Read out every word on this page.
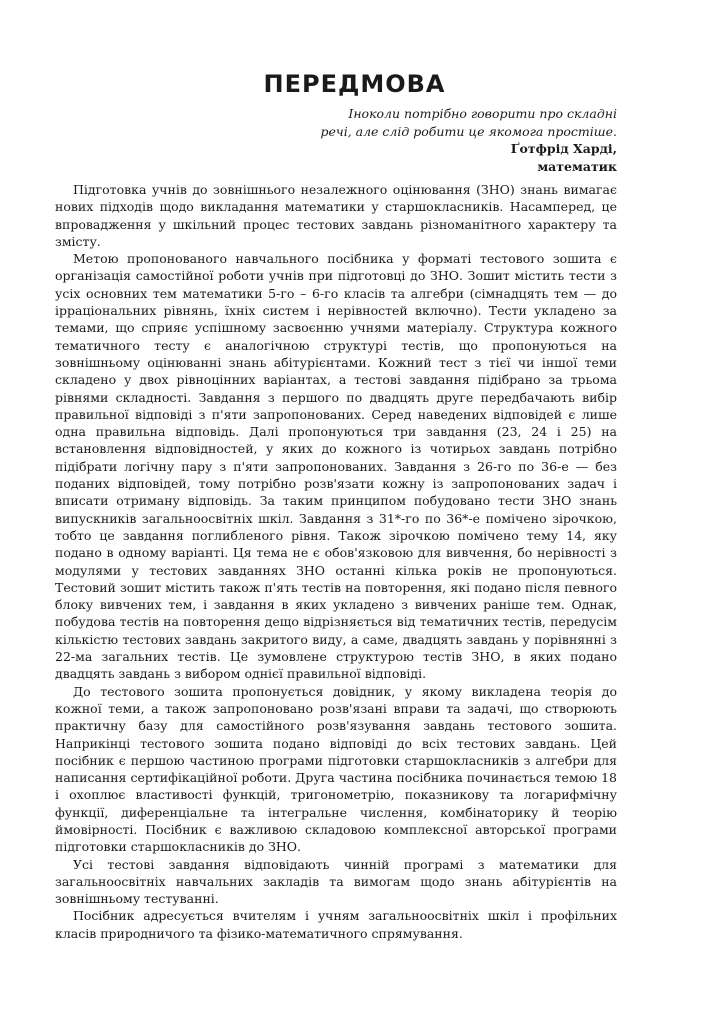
ПЕРЕДМОВА
Іноколи потрібно говорити про складні
речі, але слід робити це якомога простіше.
Ґотфрід Харді,
математик

Підготовка учнів до зовнішнього незалежного оцінювання (ЗНО) знань вимагає нових підходів щодо викладання математики у старшокласників. Насамперед, це впровадження у шкільний процес тестових завдань різноманітного характеру та змісту.

Метою пропонованого навчального посібника у форматі тестового зошита є організація самостійної роботи учнів при підготовці до ЗНО. Зошит містить тести з усіх основних тем математики 5-го – 6-го класів та алгебри (сімнадцять тем — до ірраціональних рівнянь, їхніх систем і нерівностей включно). Тести укладено за темами, що сприяє успішному засвоєнню учнями матеріалу. Структура кожного тематичного тесту є аналогічною структурі тестів, що пропонуються на зовнішньому оцінюванні знань абітурієнтами. Кожний тест з тієї чи іншої теми складено у двох рівноцінних варіантах, а тестові завдання підібрано за трьома рівнями складності. Завдання з першого по двадцять друге передбачають вибір правильної відповіді з п'яти запропонованих. Серед наведених відповідей є лише одна правильна відповідь. Далі пропонуються три завдання (23, 24 і 25) на встановлення відповідностей, у яких до кожного із чотирьох завдань потрібно підібрати логічну пару з п'яти запропонованих. Завдання з 26-го по 36-е — без поданих відповідей, тому потрібно розв'язати кожну із запропонованих задач і вписати отриману відповідь. За таким принципом побудовано тести ЗНО знань випускників загальноосвітніх шкіл. Завдання з 31*-го по 36*-е помічено зірочкою, тобто це завдання поглибленого рівня. Також зірочкою помічено тему 14, яку подано в одному варіанті. Ця тема не є обов'язковою для вивчення, бо нерівності з модулями у тестових завданнях ЗНО останні кілька років не пропонуються. Тестовий зошит містить також п'ять тестів на повторення, які подано після певного блоку вивчених тем, і завдання в яких укладено з вивчених раніше тем. Однак, побудова тестів на повторення дещо відрізняється від тематичних тестів, передусім кількістю тестових завдань закритого виду, а саме, двадцять завдань у порівнянні з 22-ма загальних тестів. Це зумовлене структурою тестів ЗНО, в яких подано двадцять завдань з вибором однієї правильної відповіді.

До тестового зошита пропонується довідник, у якому викладена теорія до кожної теми, а також запропоновано розв'язані вправи та задачі, що створюють практичну базу для самостійного розв'язування завдань тестового зошита. Наприкінці тестового зошита подано відповіді до всіх тестових завдань. Цей посібник є першою частиною програми підготовки старшокласників з алгебри для написання сертифікаційної роботи. Друга частина посібника починається темою 18 і охоплює властивості функцій, тригонометрію, показникову та логарифмічну функції, диференціальне та інтегральне числення, комбінаторику й теорію ймовірності. Посібник є важливою складовою комплексної авторської програми підготовки старшокласників до ЗНО.

Усі тестові завдання відповідають чинній програмі з математики для загальноосвітніх навчальних закладів та вимогам щодо знань абітурієнтів на зовнішньому тестуванні.

Посібник адресується вчителям і учням загальноосвітніх шкіл і профільних класів природничого та фізико-математичного спрямування.
